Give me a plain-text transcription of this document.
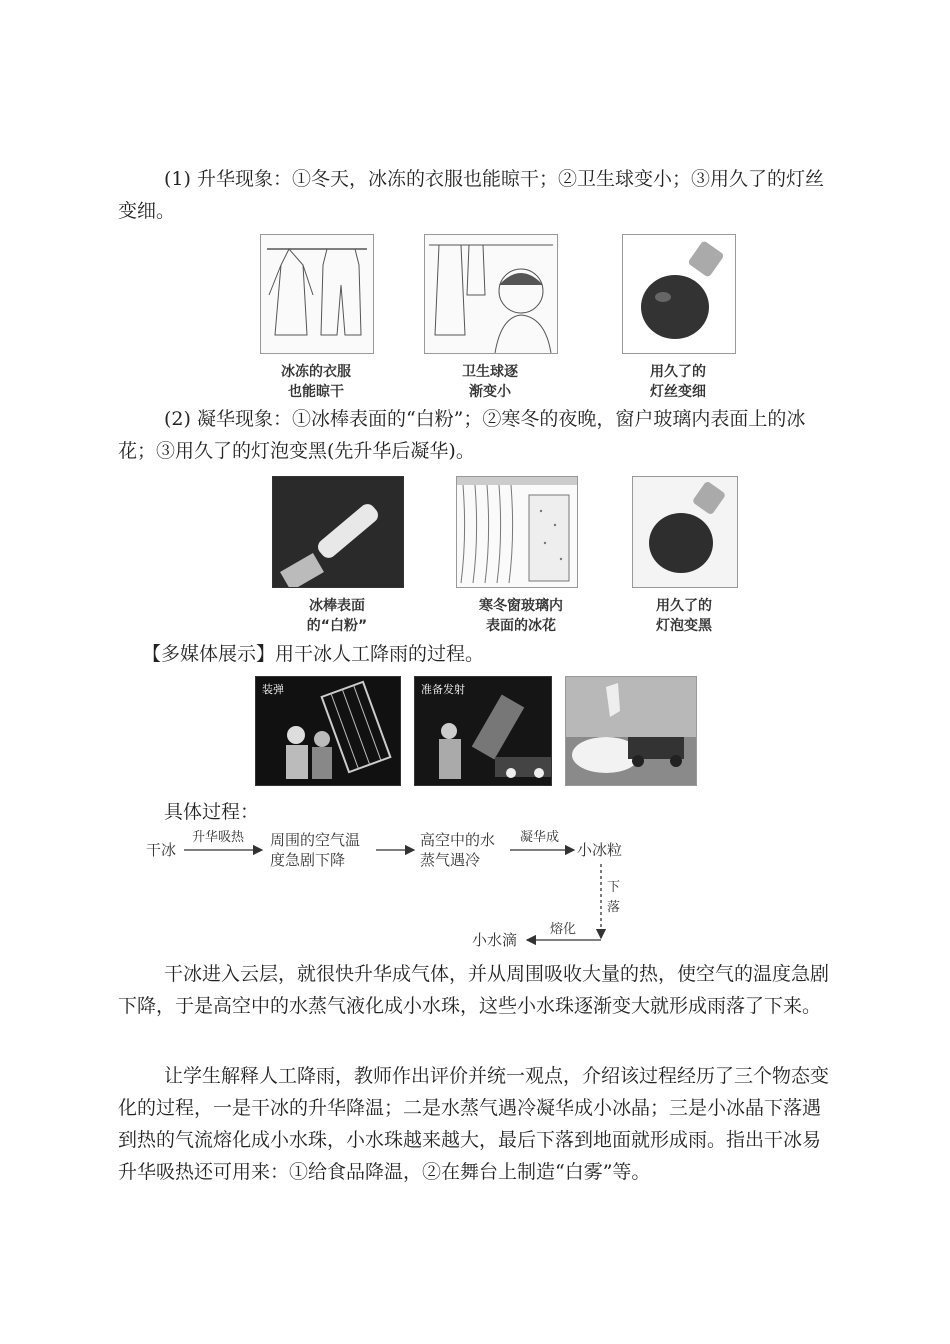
(1) 升华现象：①冬天，冰冻的衣服也能晾干；②卫生球变小；③用久了的灯丝变细。

冰冻的衣服
也能晾干
卫生球逐
渐变小
用久了的
灯丝变细

(2) 凝华现象：①冰棒表面的“白粉”；②寒冬的夜晚，窗户玻璃内表面上的冰花；③用久了的灯泡变黑(先升华后凝华)。

冰棒表面
的“白粉”
寒冬窗玻璃内
表面的冰花
用久了的
灯泡变黑

【多媒体展示】用干冰人工降雨的过程。

装弹	准备发射

具体过程：

干冰
升华吸热 周围的空气温
度急剧下降
高空中的水
蒸气遇冷
凝华成
小冰粒
下
落
熔化
小水滴

干冰进入云层，就很快升华成气体，并从周围吸收大量的热，使空气的温度急剧下降，于是高空中的水蒸气液化成小水珠，这些小水珠逐渐变大就形成雨落了下来。

让学生解释人工降雨，教师作出评价并统一观点，介绍该过程经历了三个物态变化的过程，一是干冰的升华降温；二是水蒸气遇冷凝华成小冰晶；三是小冰晶下落遇到热的气流熔化成小水珠，小水珠越来越大，最后下落到地面就形成雨。指出干冰易升华吸热还可用来：①给食品降温，②在舞台上制造“白雾”等。
